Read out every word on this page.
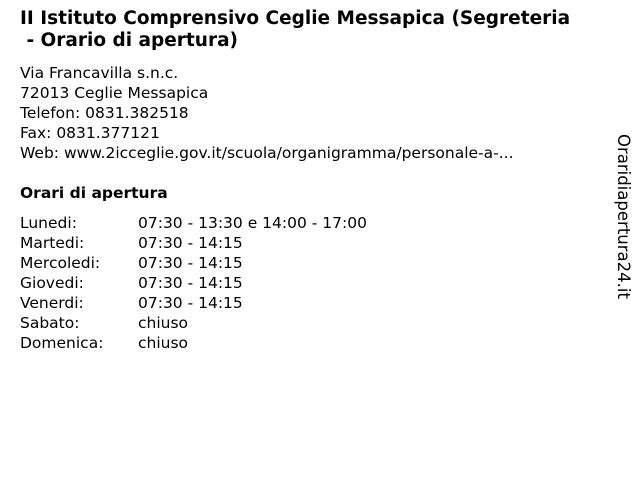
II Istituto Comprensivo Ceglie Messapica (Segreteria
- Orario di apertura)
Via Francavilla s.n.c.
72013 Ceglie Messapica
Telefon: 0831.382518
Fax: 0831.377121
Web: www.2icceglie.gov.it/scuola/organigramma/personale-a-...
Orari di apertura
Lunedi:	07:30 - 13:30 e 14:00 - 17:00
Martedi:	07:30 - 14:15
Mercoledi: 07:30 - 14:15
Giovedi:	07:30 - 14:15
Venerdi:	07:30 - 14:15
Sabato:	chiuso
Domenica: chiuso
Oraridiapertura24.it
